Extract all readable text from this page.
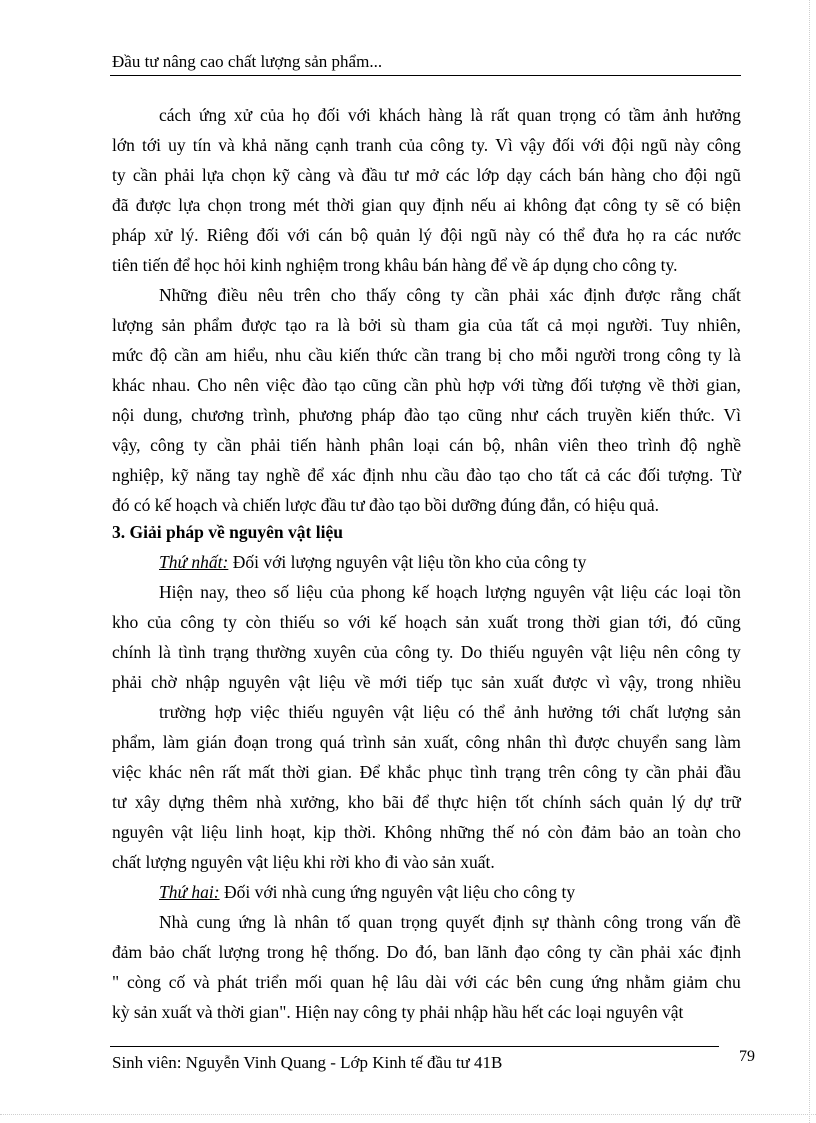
Đầu tư nâng cao chất lượng sản phẩm...
cách ứng xử của họ đối với khách hàng là rất quan trọng có tầm ảnh hưởng
lớn tới uy tín và khả năng cạnh tranh của công ty. Vì vậy đối với đội ngũ này công
ty cần phải lựa chọn kỹ càng và đầu tư mở các lớp dạy cách bán hàng cho đội ngũ
đã được lựa chọn trong mét thời gian quy định nếu ai không đạt công ty sẽ có biện
pháp xử lý. Riêng đối với cán bộ quản lý đội ngũ này có thể đưa họ ra các nước
tiên tiến để học hỏi kinh nghiệm trong khâu bán hàng để về áp dụng cho công ty.
Những điều nêu trên cho thấy công ty cần phải xác định được rằng chất
lượng sản phẩm được tạo ra là bởi sù tham gia của tất cả mọi người. Tuy nhiên,
mức độ cần am hiểu, nhu cầu kiến thức cần trang bị cho mỗi người trong công ty là
khác nhau. Cho nên việc đào tạo cũng cần phù hợp với từng đối tượng về thời gian,
nội dung, chương trình, phương pháp đào tạo cũng như cách truyền kiến thức. Vì
vậy, công ty cần phải tiến hành phân loại cán bộ, nhân viên theo trình độ nghề
nghiệp, kỹ năng tay nghề để xác định nhu cầu đào tạo cho tất cả các đối tượng. Từ
đó có kế hoạch và chiến lược đầu tư đào tạo bồi dưỡng đúng đắn, có hiệu quả.
3. Giải pháp về nguyên vật liệu
Thứ nhất: Đối với lượng nguyên vật liệu tồn kho của công ty
Hiện nay, theo số liệu của phong kế hoạch lượng nguyên vật liệu các loại tồn
kho của công ty còn thiếu so với kế hoạch sản xuất trong thời gian tới, đó cũng
chính là tình trạng thường xuyên của công ty. Do thiếu nguyên vật liệu nên công ty
phải chờ nhập nguyên vật liệu về mới tiếp tục sản xuất được vì vậy, trong nhiều
trường hợp việc thiếu nguyên vật liệu có thể ảnh hưởng tới chất lượng sản
phẩm, làm gián đoạn trong quá trình sản xuất, công nhân thì được chuyển sang làm
việc khác nên rất mất thời gian. Để khắc phục tình trạng trên công ty cần phải đầu
tư xây dựng thêm nhà xưởng, kho bãi để thực hiện tốt chính sách quản lý dự trữ
nguyên vật liệu linh hoạt, kịp thời. Không những thế nó còn đảm bảo an toàn cho
chất lượng nguyên vật liệu khi rời kho đi vào sản xuất.
Thứ hai: Đối với nhà cung ứng nguyên vật liệu cho công ty
Nhà cung ứng là nhân tố quan trọng quyết định sự thành công trong vấn đề
đảm bảo chất lượng trong hệ thống. Do đó, ban lãnh đạo công ty cần phải xác định
" còng cố và phát triển mối quan hệ lâu dài với các bên cung ứng nhằm giảm chu
kỳ sản xuất và thời gian". Hiện nay công ty phải nhập hầu hết các loại nguyên vật
Sinh viên: Nguyễn Vinh Quang - Lớp Kinh tế đầu tư 41B	79
